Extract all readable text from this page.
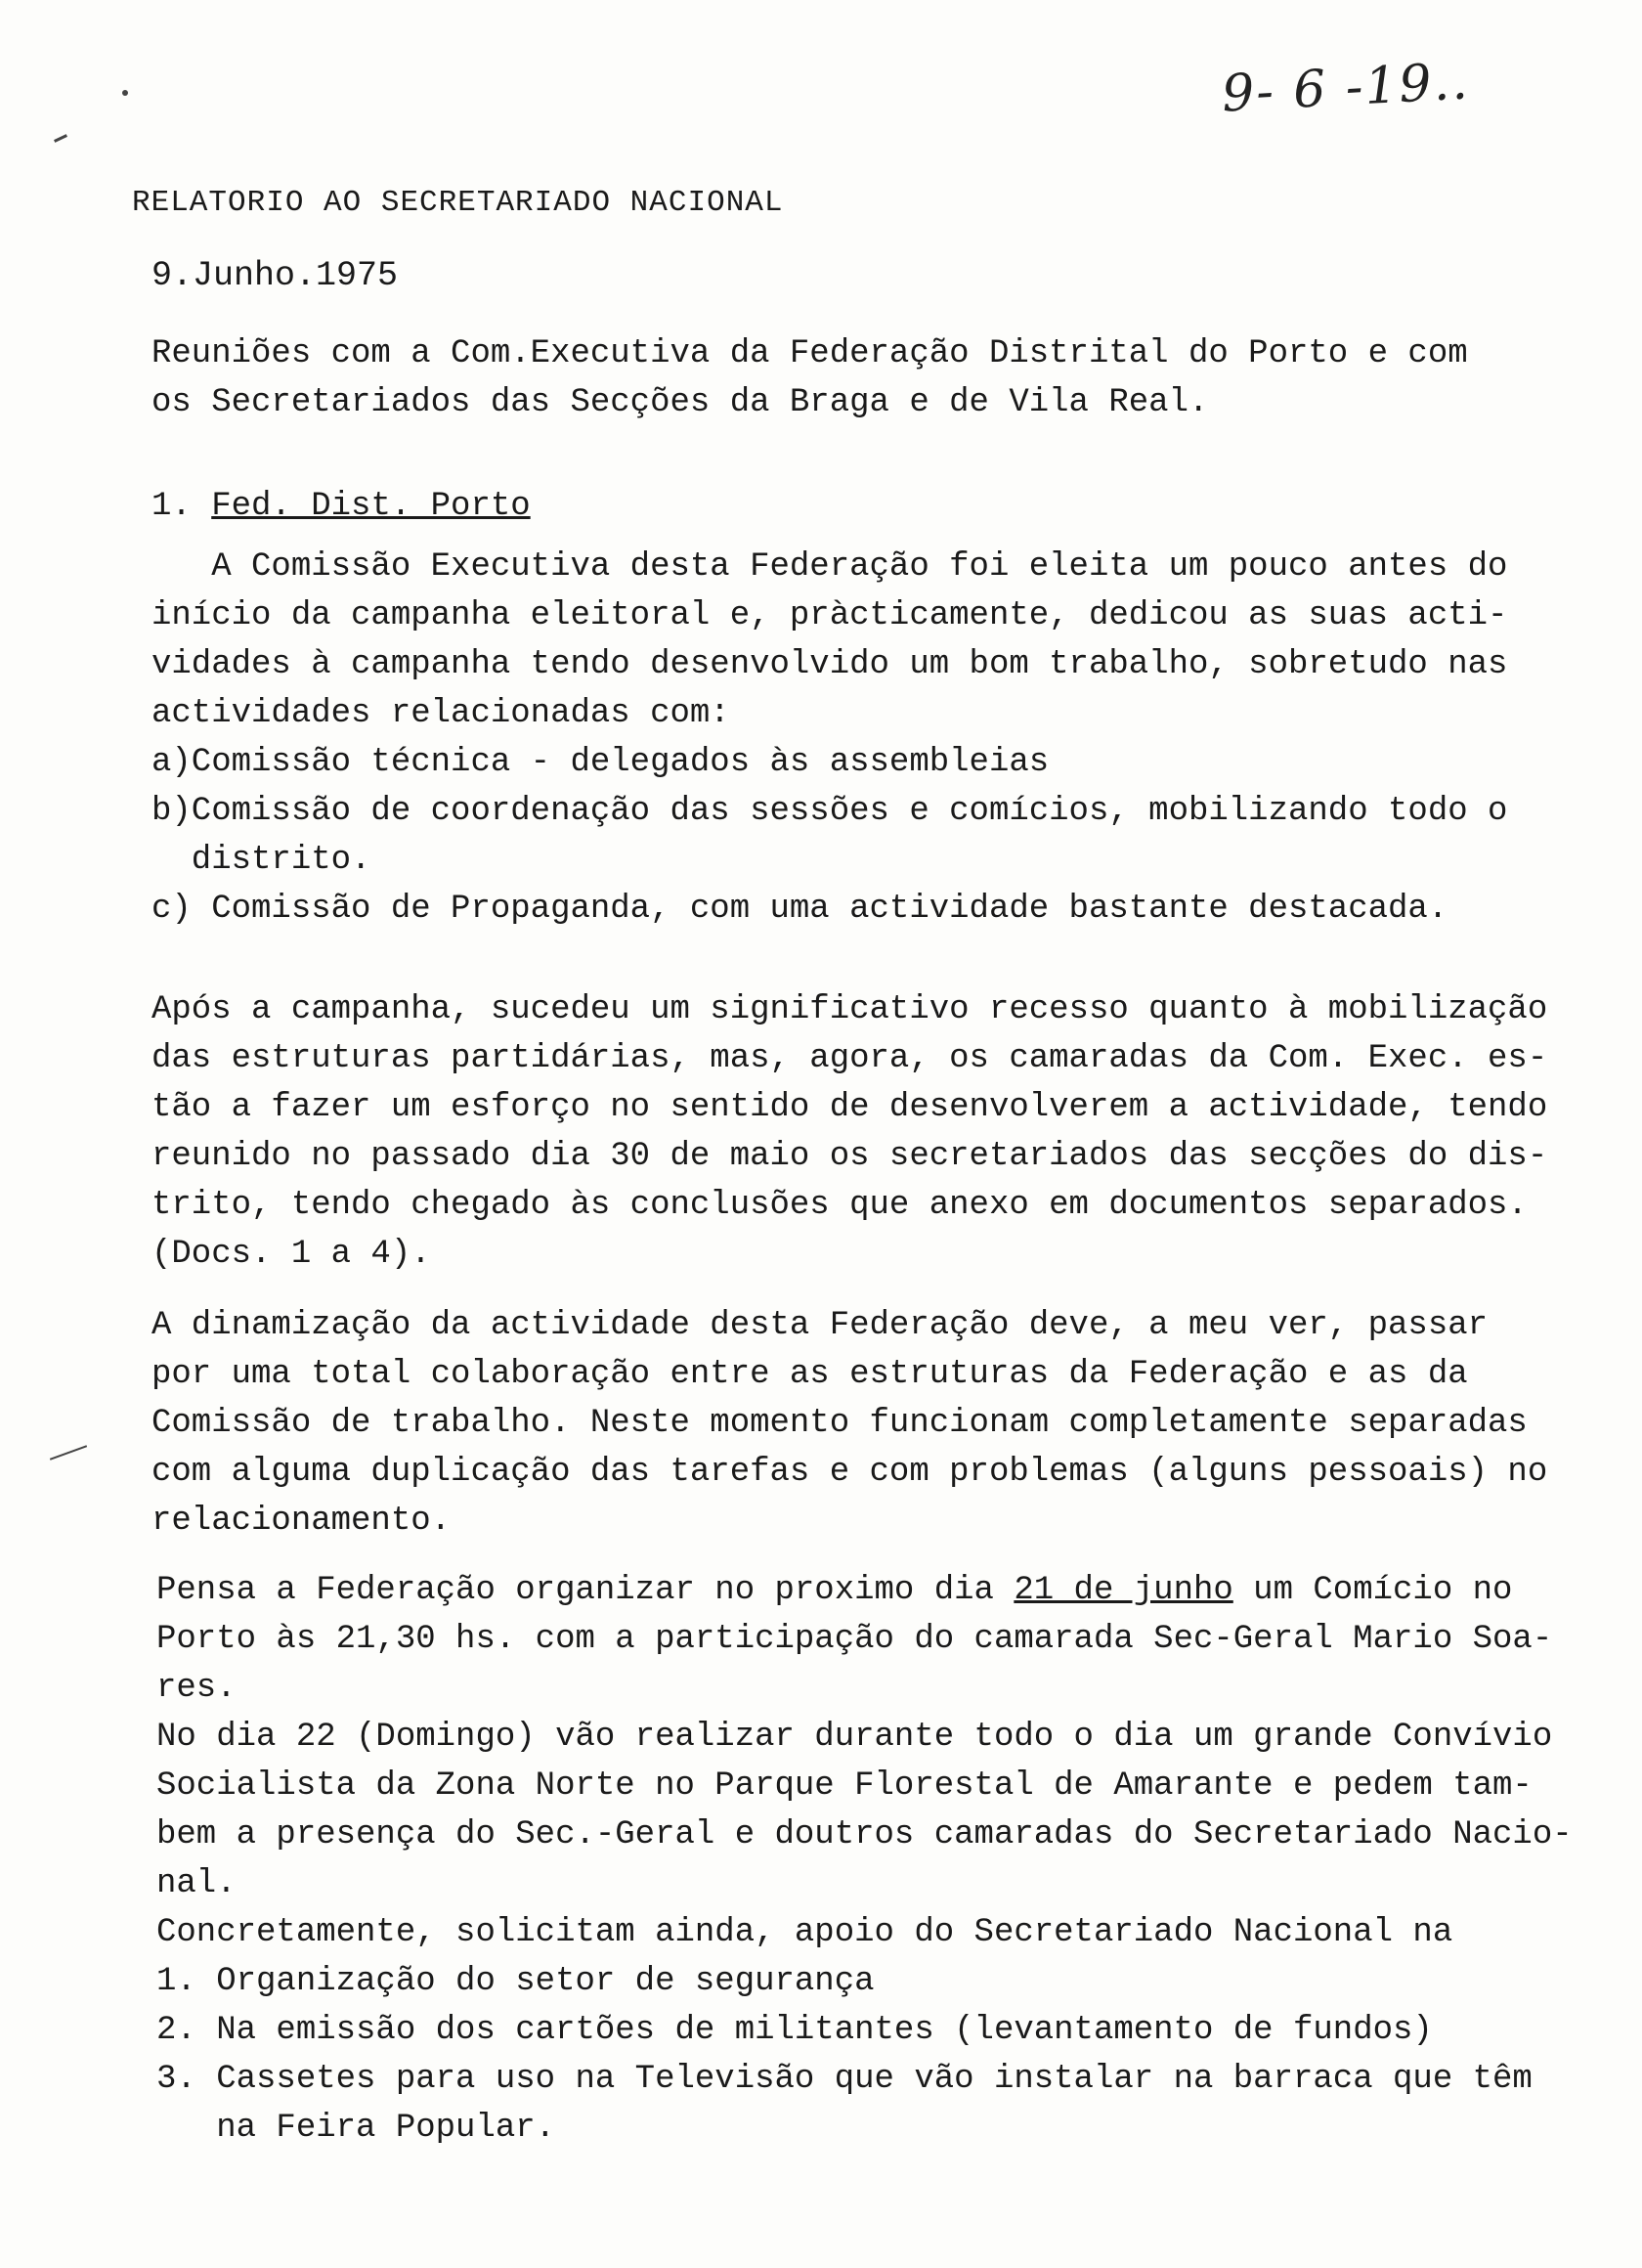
9- 6 -19..
RELATORIO AO SECRETARIADO NACIONAL
9.Junho.1975
Reuniões com a Com.Executiva da Federação Distrital do Porto e com
os Secretariados das Secções da Braga e de Vila Real.
1. Fed. Dist. Porto
A Comissão Executiva desta Federação foi eleita um pouco antes do
início da campanha eleitoral e, pràcticamente, dedicou as suas acti-
vidades à campanha tendo desenvolvido um bom trabalho, sobretudo nas
actividades relacionadas com:
a)Comissão técnica - delegados às assembleias
b)Comissão de coordenação das sessões e comícios, mobilizando todo o
distrito.
c) Comissão de Propaganda, com uma actividade bastante destacada.
Após a campanha, sucedeu um significativo recesso quanto à mobilização
das estruturas partidárias, mas, agora, os camaradas da Com. Exec. es-
tão a fazer um esforço no sentido de desenvolverem a actividade, tendo
reunido no passado dia 30 de maio os secretariados das secções do dis-
trito, tendo chegado às conclusões que anexo em documentos separados.
(Docs. 1 a 4).
A dinamização da actividade desta Federação deve, a meu ver, passar
por uma total colaboração entre as estruturas da Federação e as da
Comissão de trabalho. Neste momento funcionam completamente separadas
com alguma duplicação das tarefas e com problemas (alguns pessoais) no
relacionamento.
Pensa a Federação organizar no proximo dia 21 de junho um Comício no
Porto às 21,30 hs. com a participação do camarada Sec-Geral Mario Soa-
res.
No dia 22 (Domingo) vão realizar durante todo o dia um grande Convívio
Socialista da Zona Norte no Parque Florestal de Amarante e pedem tam-
bem a presença do Sec.-Geral e doutros camaradas do Secretariado Nacio-
nal.
Concretamente, solicitam ainda, apoio do Secretariado Nacional na
1. Organização do setor de segurança
2. Na emissão dos cartões de militantes (levantamento de fundos)
3. Cassetes para uso na Televisão que vão instalar na barraca que têm
na Feira Popular.
